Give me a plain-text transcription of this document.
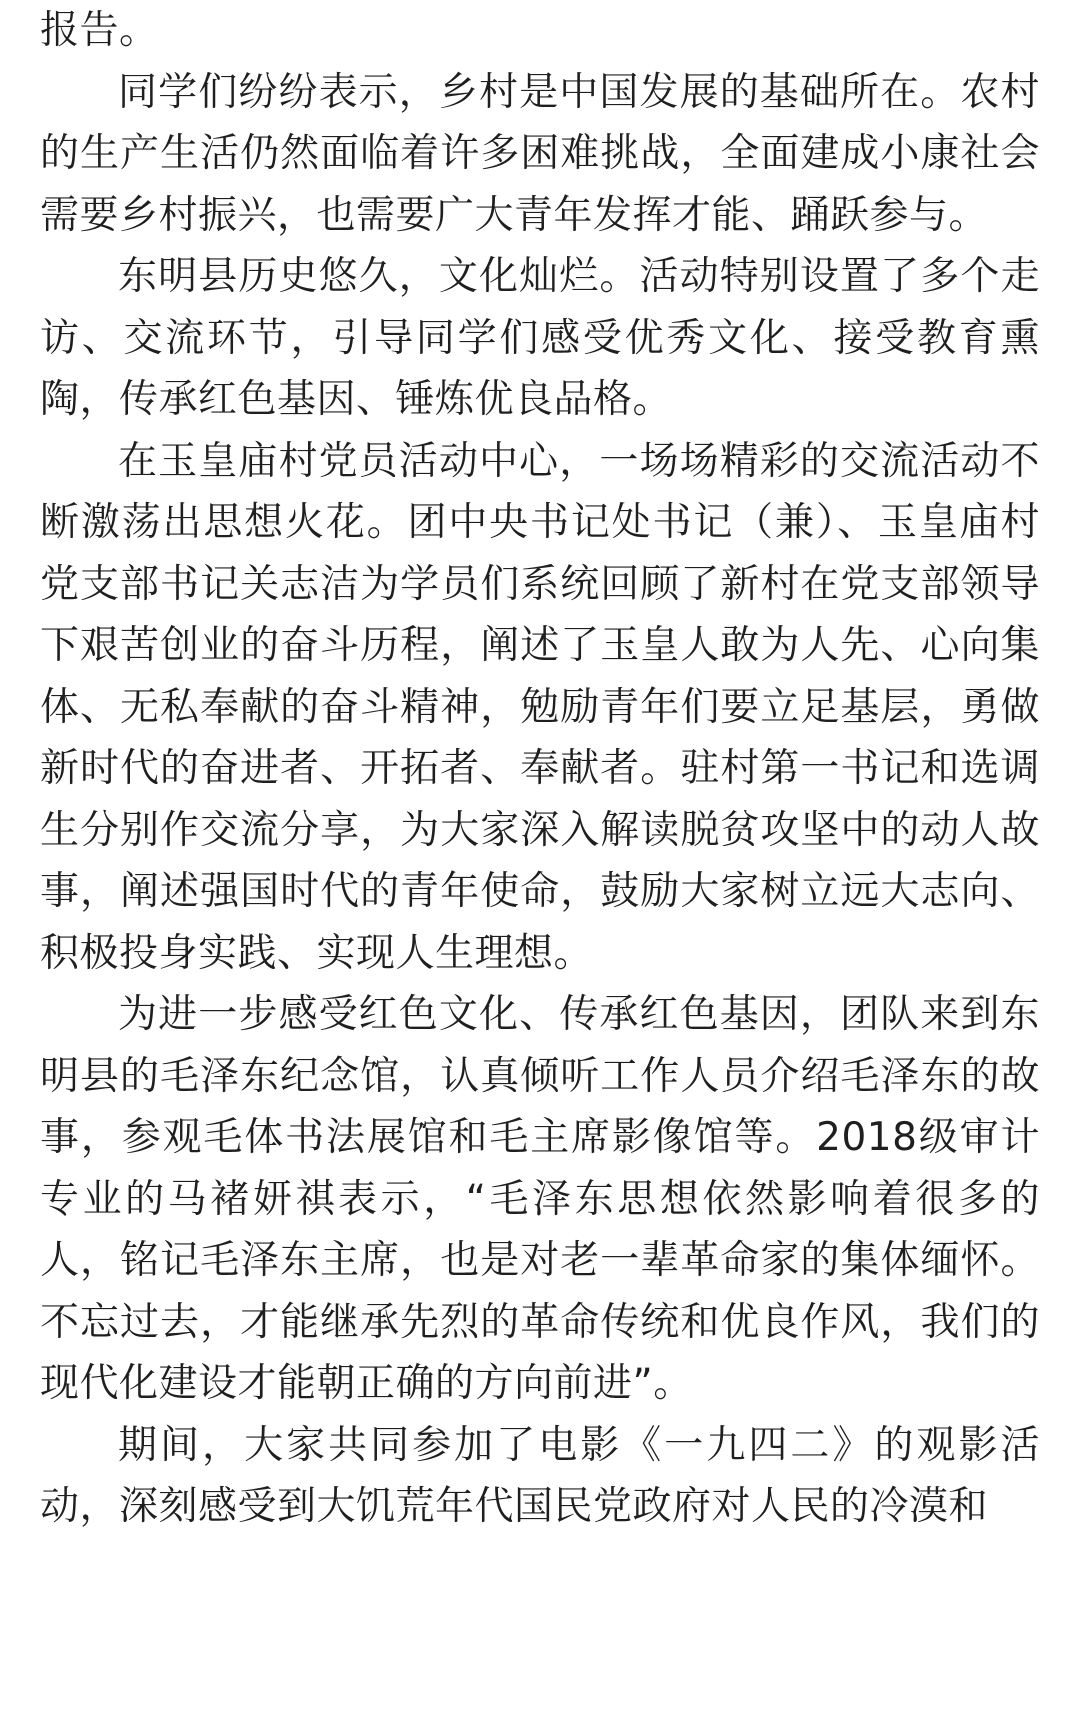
报告。

同学们纷纷表示，乡村是中国发展的基础所在。农村的生产生活仍然面临着许多困难挑战，全面建成小康社会需要乡村振兴，也需要广大青年发挥才能、踊跃参与。

东明县历史悠久，文化灿烂。活动特别设置了多个走访、交流环节，引导同学们感受优秀文化、接受教育熏陶，传承红色基因、锤炼优良品格。

在玉皇庙村党员活动中心，一场场精彩的交流活动不断激荡出思想火花。团中央书记处书记（兼）、玉皇庙村党支部书记关志洁为学员们系统回顾了新村在党支部领导下艰苦创业的奋斗历程，阐述了玉皇人敢为人先、心向集体、无私奉献的奋斗精神，勉励青年们要立足基层，勇做新时代的奋进者、开拓者、奉献者。驻村第一书记和选调生分别作交流分享，为大家深入解读脱贫攻坚中的动人故事，阐述强国时代的青年使命，鼓励大家树立远大志向、积极投身实践、实现人生理想。

为进一步感受红色文化、传承红色基因，团队来到东明县的毛泽东纪念馆，认真倾听工作人员介绍毛泽东的故事，参观毛体书法展馆和毛主席影像馆等。2018级审计专业的马褚妍祺表示，“毛泽东思想依然影响着很多的人，铭记毛泽东主席，也是对老一辈革命家的集体缅怀。不忘过去，才能继承先烈的革命传统和优良作风，我们的现代化建设才能朝正确的方向前进”。

期间，大家共同参加了电影《一九四二》的观影活动，深刻感受到大饥荒年代国民党政府对人民的冷漠和
